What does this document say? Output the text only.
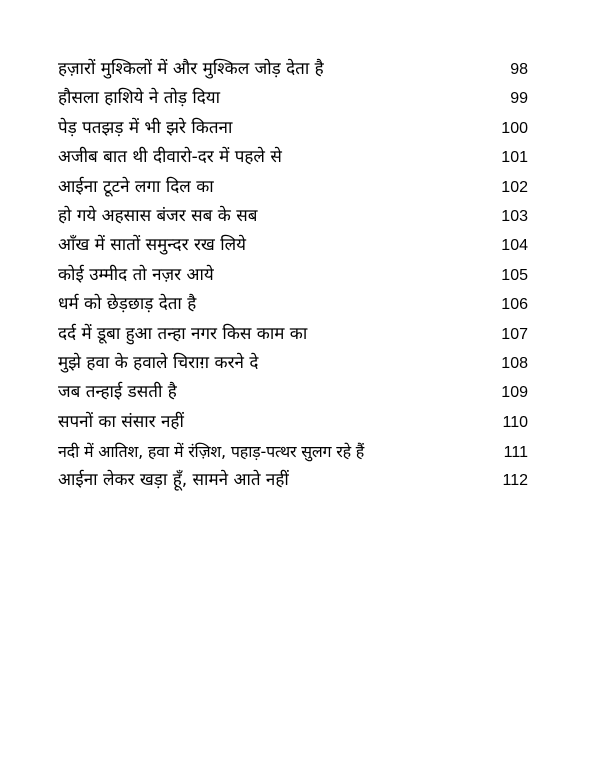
हज़ारों मुश्किलों में और मुश्किल जोड़ देता है	98
हौसला हाशिये ने तोड़ दिया	99
पेड़ पतझड़ में भी झरे कितना	100
अजीब बात थी दीवारो-दर में पहले से	101
आईना टूटने लगा दिल का	102
हो गये अहसास बंजर सब के सब	103
आँख में सातों समुन्दर रख लिये	104
कोई उम्मीद तो नज़र आये	105
धर्म को छेड़छाड़ देता है	106
दर्द में डूबा हुआ तन्हा नगर किस काम का	107
मुझे हवा के हवाले चिराग़ करने दे	108
जब तन्हाई डसती है	109
सपनों का संसार नहीं	110
नदी में आतिश, हवा में रंज़िश, पहाड़-पत्थर सुलग रहे हैं	111
आईना लेकर खड़ा हूँ, सामने आते नहीं	112
